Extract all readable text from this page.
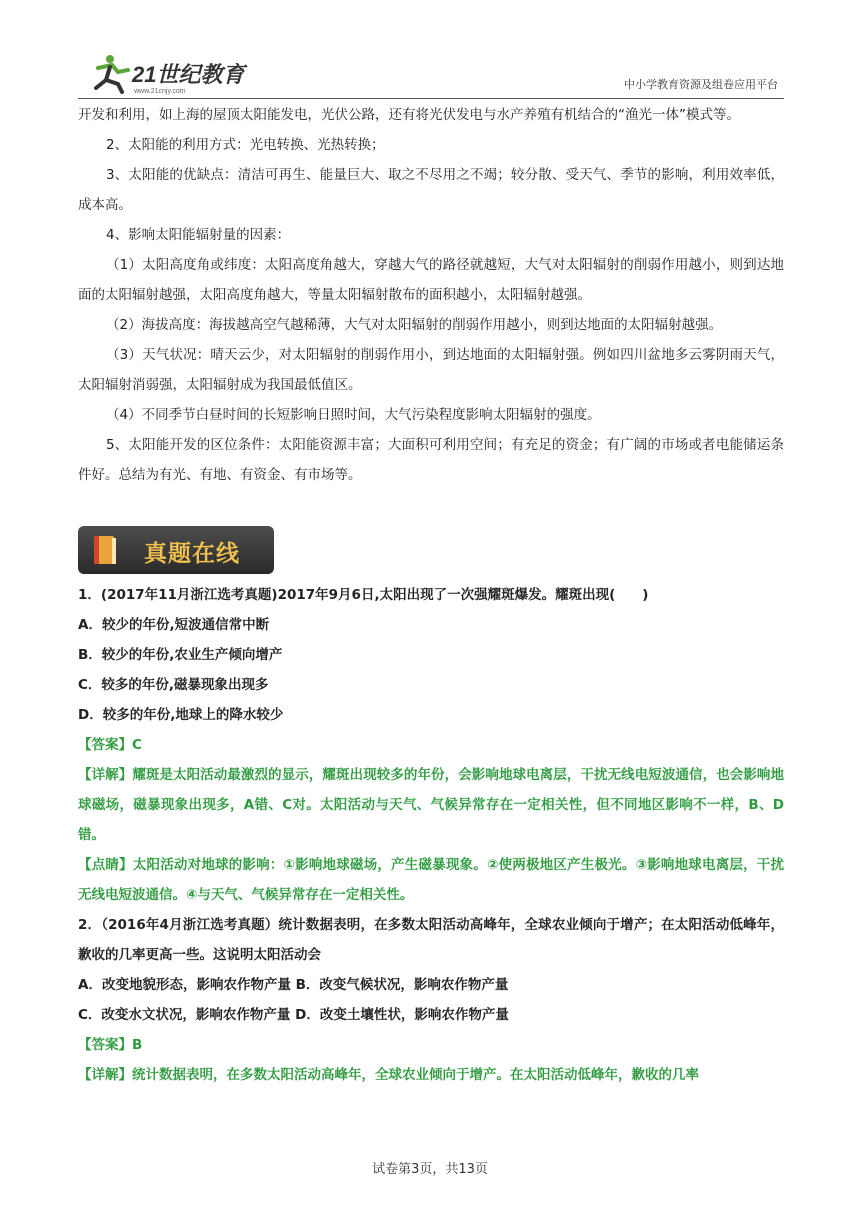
21世纪教育
www.21cnjy.com
中小学教育资源及组卷应用平台

开发和利用，如上海的屋顶太阳能发电，光伏公路，还有将光伏发电与水产养殖有机结合的“渔光一体”模式等。

2、太阳能的利用方式：光电转换、光热转换；

3、太阳能的优缺点：清洁可再生、能量巨大、取之不尽用之不竭；较分散、受天气、季节的影响，利用效率低，成本高。

4、影响太阳能辐射量的因素：

（1）太阳高度角或纬度：太阳高度角越大，穿越大气的路径就越短，大气对太阳辐射的削弱作用越小，则到达地面的太阳辐射越强，太阳高度角越大，等量太阳辐射散布的面积越小，太阳辐射越强。

（2）海拔高度：海拔越高空气越稀薄，大气对太阳辐射的削弱作用越小，则到达地面的太阳辐射越强。

（3）天气状况：晴天云少，对太阳辐射的削弱作用小，到达地面的太阳辐射强。例如四川盆地多云雾阴雨天气，太阳辐射消弱强，太阳辐射成为我国最低值区。

（4）不同季节白昼时间的长短影响日照时间，大气污染程度影响太阳辐射的强度。

5、太阳能开发的区位条件：太阳能资源丰富；大面积可利用空间；有充足的资金；有广阔的市场或者电能储运条件好。总结为有光、有地、有资金、有市场等。

真题在线

1．(2017年11月浙江选考真题)2017年9月6日,太阳出现了一次强耀斑爆发。耀斑出现(　　)

A．较少的年份,短波通信常中断

B．较少的年份,农业生产倾向增产

C．较多的年份,磁暴现象出现多

D．较多的年份,地球上的降水较少

【答案】C

【详解】耀斑是太阳活动最激烈的显示，耀斑出现较多的年份，会影响地球电离层，干扰无线电短波通信，也会影响地球磁场，磁暴现象出现多，A错、C对。太阳活动与天气、气候异常存在一定相关性，但不同地区影响不一样，B、D错。

【点睛】太阳活动对地球的影响：①影响地球磁场，产生磁暴现象。②使两极地区产生极光。③影响地球电离层，干扰无线电短波通信。④与天气、气候异常存在一定相关性。

2．（2016年4月浙江选考真题）统计数据表明，在多数太阳活动高峰年，全球农业倾向于增产；在太阳活动低峰年，歉收的几率更高一些。这说明太阳活动会

A．改变地貌形态，影响农作物产量 B．改变气候状况，影响农作物产量

C．改变水文状况，影响农作物产量 D．改变土壤性状，影响农作物产量

【答案】B

【详解】统计数据表明，在多数太阳活动高峰年，全球农业倾向于增产。在太阳活动低峰年，歉收的几率

试卷第3页，共13页
